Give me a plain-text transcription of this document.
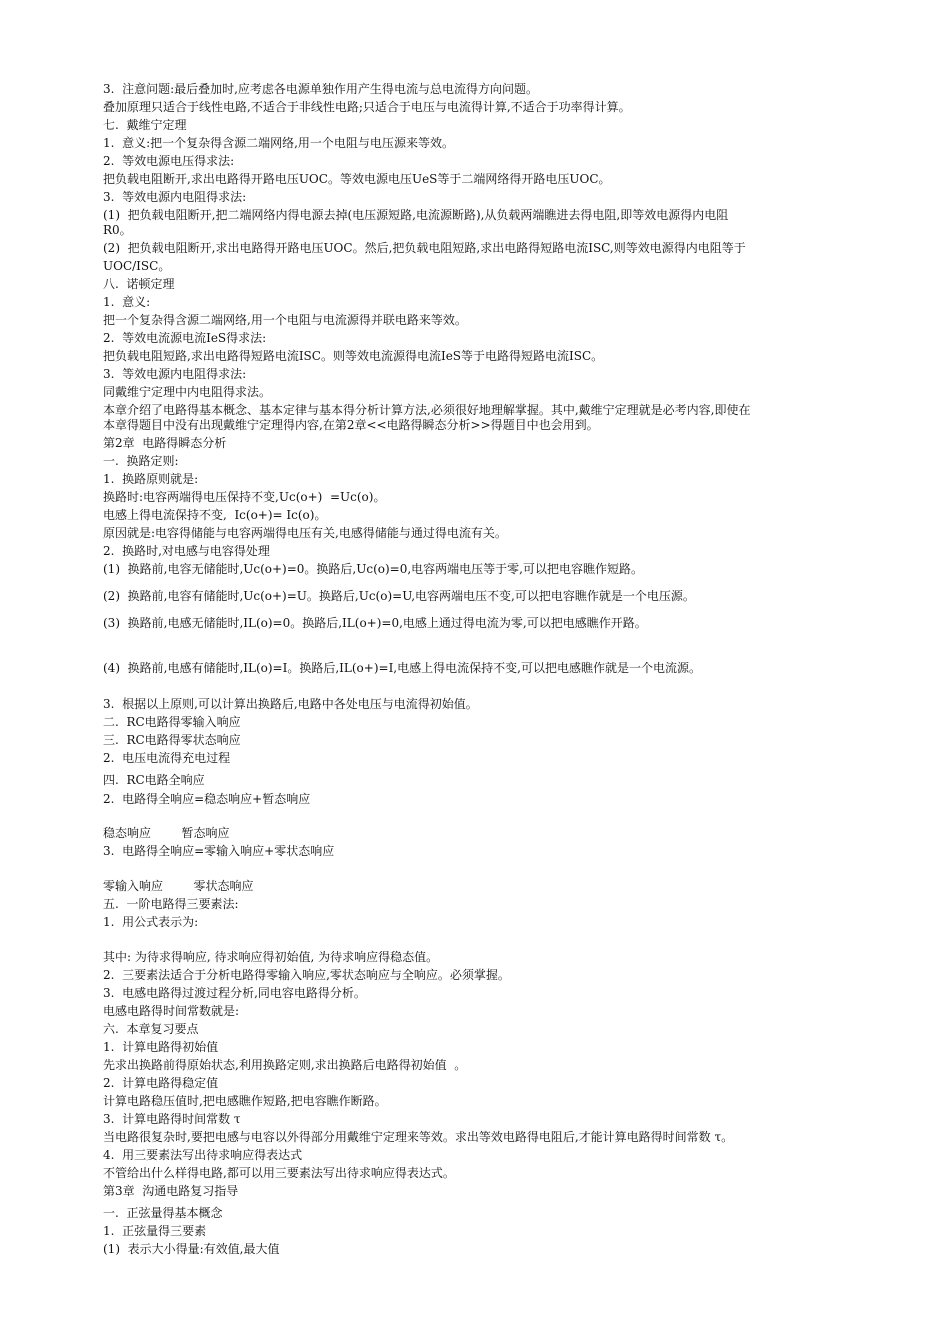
3.  注意问题:最后叠加时,应考虑各电源单独作用产生得电流与总电流得方向问题。
叠加原理只适合于线性电路,不适合于非线性电路;只适合于电压与电流得计算,不适合于功率得计算。
七.  戴维宁定理
1.  意义:把一个复杂得含源二端网络,用一个电阻与电压源来等效。
2.  等效电源电压得求法:
把负载电阻断开,求出电路得开路电压UOC。等效电源电压UeS等于二端网络得开路电压UOC。
3.  等效电源内电阻得求法:
(1)  把负载电阻断开,把二端网络内得电源去掉(电压源短路,电流源断路),从负载两端瞧进去得电阻,即等效电源得内电阻
R0。
(2)  把负载电阻断开,求出电路得开路电压UOC。然后,把负载电阻短路,求出电路得短路电流ISC,则等效电源得内电阻等于
UOC/ISC。
八.  诺顿定理
1.  意义:
把一个复杂得含源二端网络,用一个电阻与电流源得并联电路来等效。
2.  等效电流源电流IeS得求法:
把负载电阻短路,求出电路得短路电流ISC。则等效电流源得电流IeS等于电路得短路电流ISC。
3.  等效电源内电阻得求法:
同戴维宁定理中内电阻得求法。
本章介绍了电路得基本概念、基本定律与基本得分析计算方法,必须很好地理解掌握。其中,戴维宁定理就是必考内容,即使在
本章得题目中没有出现戴维宁定理得内容,在第2章<<电路得瞬态分析>>得题目中也会用到。
第2章  电路得瞬态分析
一.  换路定则:
1.  换路原则就是:
换路时:电容两端得电压保持不变,Uc(o+)  =Uc(o)。
电感上得电流保持不变,  Ic(o+)= Ic(o)。
原因就是:电容得储能与电容两端得电压有关,电感得储能与通过得电流有关。
2.  换路时,对电感与电容得处理
(1)  换路前,电容无储能时,Uc(o+)=0。换路后,Uc(o)=0,电容两端电压等于零,可以把电容瞧作短路。
(2)  换路前,电容有储能时,Uc(o+)=U。换路后,Uc(o)=U,电容两端电压不变,可以把电容瞧作就是一个电压源。
(3)  换路前,电感无储能时,IL(o)=0。换路后,IL(o+)=0,电感上通过得电流为零,可以把电感瞧作开路。
(4)  换路前,电感有储能时,IL(o)=I。换路后,IL(o+)=I,电感上得电流保持不变,可以把电感瞧作就是一个电流源。
3.  根据以上原则,可以计算出换路后,电路中各处电压与电流得初始值。
二.  RC电路得零输入响应
三.  RC电路得零状态响应
2.  电压电流得充电过程
四.  RC电路全响应
2.  电路得全响应=稳态响应+暂态响应
稳态响应        暂态响应
3.  电路得全响应=零输入响应+零状态响应
零输入响应        零状态响应
五.  一阶电路得三要素法:
1.  用公式表示为:
其中: 为待求得响应, 待求响应得初始值, 为待求响应得稳态值。
2.  三要素法适合于分析电路得零输入响应,零状态响应与全响应。必须掌握。
3.  电感电路得过渡过程分析,同电容电路得分析。
电感电路得时间常数就是:
六.  本章复习要点
1.  计算电路得初始值
先求出换路前得原始状态,利用换路定则,求出换路后电路得初始值  。
2.  计算电路得稳定值
计算电路稳压值时,把电感瞧作短路,把电容瞧作断路。
3.  计算电路得时间常数 τ
当电路很复杂时,要把电感与电容以外得部分用戴维宁定理来等效。求出等效电路得电阻后,才能计算电路得时间常数 τ。
4.  用三要素法写出待求响应得表达式
不管给出什么样得电路,都可以用三要素法写出待求响应得表达式。
第3章  沟通电路复习指导
一.  正弦量得基本概念
1.  正弦量得三要素
(1)  表示大小得量:有效值,最大值
